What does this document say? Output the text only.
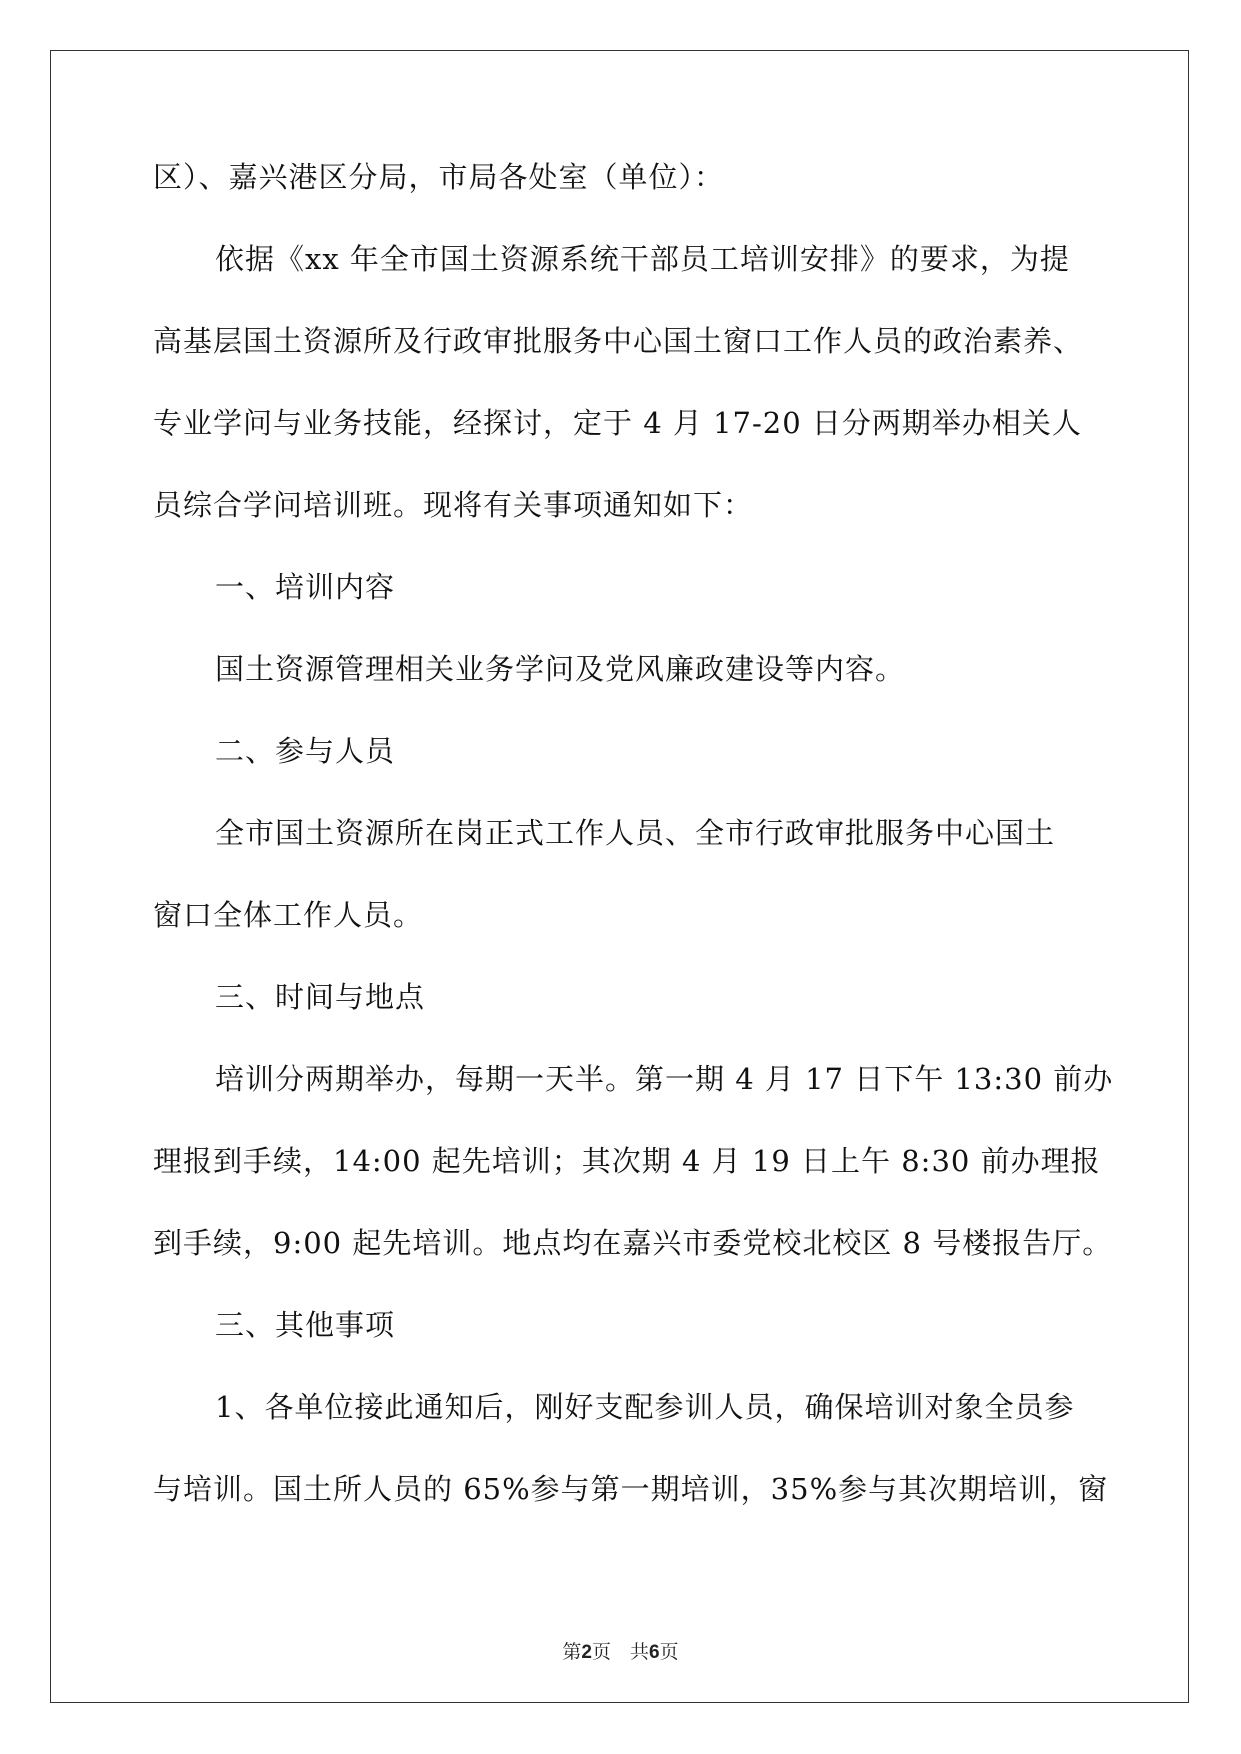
区）、嘉兴港区分局，市局各处室（单位）：
依据《xx 年全市国土资源系统干部员工培训安排》的要求，为提
高基层国土资源所及行政审批服务中心国土窗口工作人员的政治素养、
专业学问与业务技能，经探讨，定于 4 月 17-20 日分两期举办相关人
员综合学问培训班。现将有关事项通知如下：
一、培训内容
国土资源管理相关业务学问及党风廉政建设等内容。
二、参与人员
全市国土资源所在岗正式工作人员、全市行政审批服务中心国土
窗口全体工作人员。
三、时间与地点
培训分两期举办，每期一天半。第一期 4 月 17 日下午 13:30 前办
理报到手续，14:00 起先培训；其次期 4 月 19 日上午 8:30 前办理报
到手续，9:00 起先培训。地点均在嘉兴市委党校北校区 8 号楼报告厅。
三、其他事项
1、各单位接此通知后，刚好支配参训人员，确保培训对象全员参
与培训。国土所人员的 65%参与第一期培训，35%参与其次期培训，窗
第2页　共6页
